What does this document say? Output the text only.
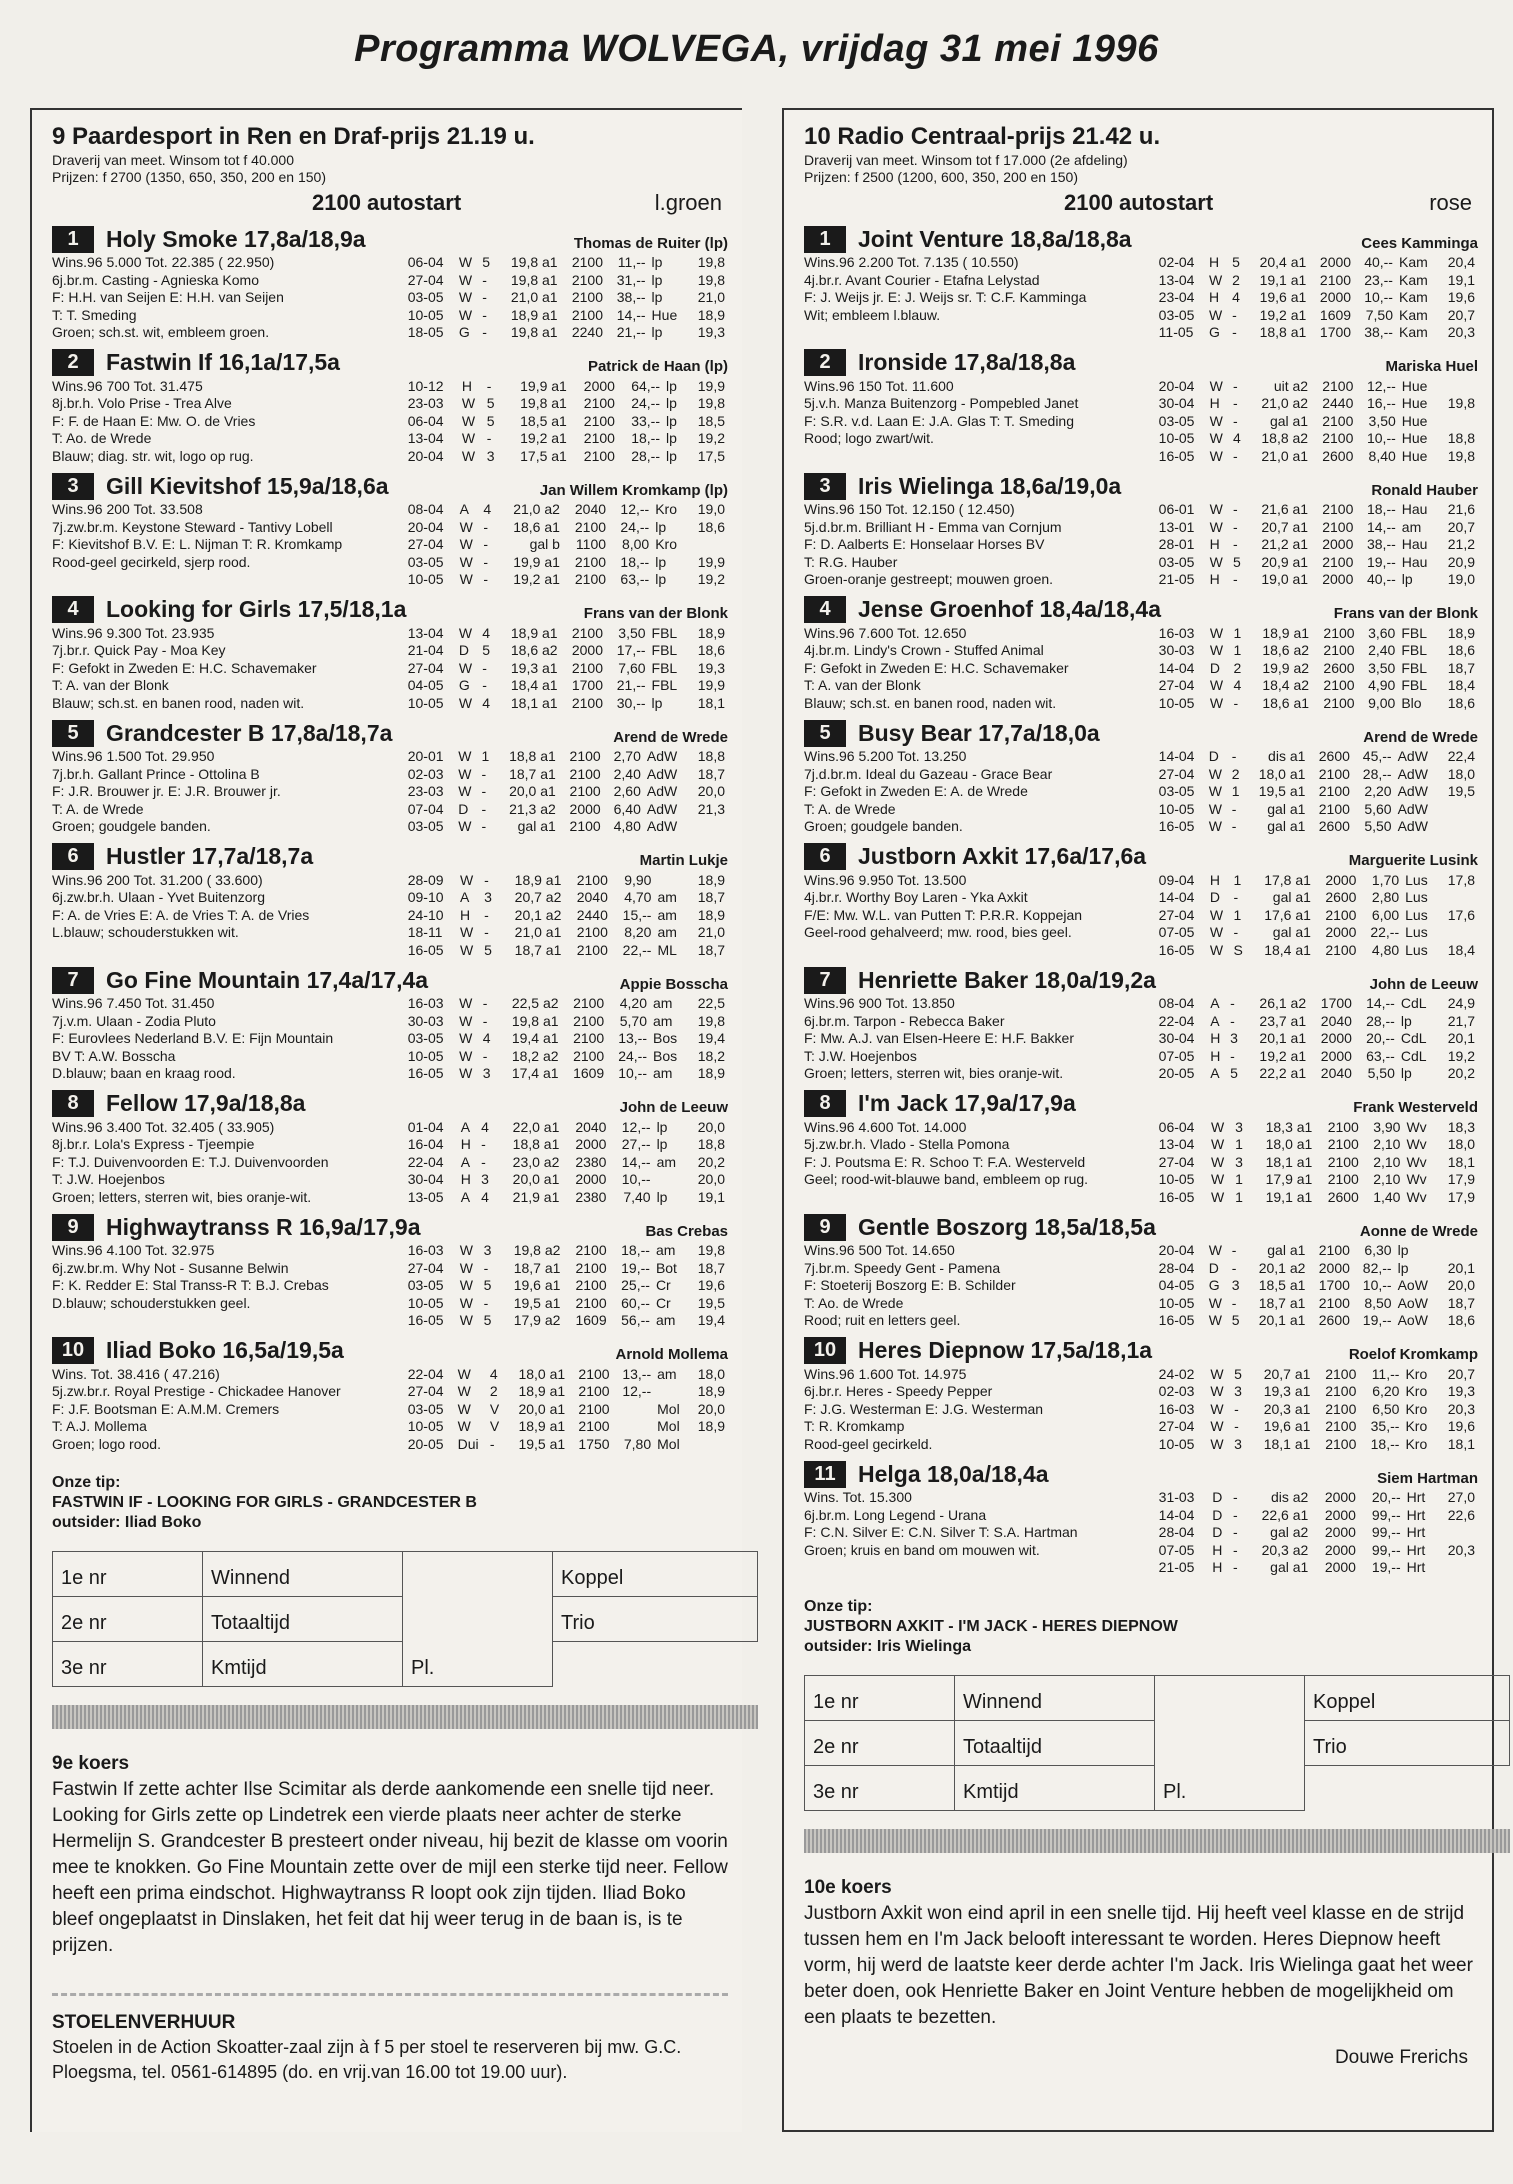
Programma WOLVEGA, vrijdag 31 mei 1996
9 Paardesport in Ren en Draf-prijs 21.19 u.
Draverij van meet. Winsom tot f 40.000
Prijzen: f 2700 (1350, 650, 350, 200 en 150)
2100 autostart	l.groen
1	Holy Smoke 17,8a/18,9a	Thomas de Ruiter (lp)
Wins.96 5.000 Tot. 22.385 ( 22.950)
6j.br.m. Casting - Agnieska Komo
F: H.H. van Seijen E: H.H. van Seijen
T: T. Smeding
Groen; sch.st. wit, embleem groen.
06-04	W	5	19,8 a1	2100	11,--	lp	19,8
27-04	W	-	19,8 a1	2100	31,--	lp	19,8
03-05	W	-	21,0 a1	2100	38,--	lp	21,0
10-05	W	-	18,9 a1	2100	14,--	Hue	18,9
18-05	G	-	19,8 a1	2240	21,--	lp	19,3
2	Fastwin If 16,1a/17,5a	Patrick de Haan (lp)
Wins.96 700 Tot. 31.475
8j.br.h. Volo Prise - Trea Alve
F: F. de Haan E: Mw. O. de Vries
T: Ao. de Wrede
Blauw; diag. str. wit, logo op rug.
10-12	H	-	19,9 a1	2000	64,--	lp	19,9
23-03	W	5	19,8 a1	2100	24,--	lp	19,8
06-04	W	5	18,5 a1	2100	33,--	lp	18,5
13-04	W	-	19,2 a1	2100	18,--	lp	19,2
20-04	W	3	17,5 a1	2100	28,--	lp	17,5
3	Gill Kievitshof 15,9a/18,6a	Jan Willem Kromkamp (lp)
Wins.96 200 Tot. 33.508
7j.zw.br.m. Keystone Steward - Tantivy Lobell
F: Kievitshof B.V. E: L. Nijman T: R. Kromkamp
Rood-geel gecirkeld, sjerp rood.
08-04	A	4	21,0 a2	2040	12,--	Kro	19,0
20-04	W	-	18,6 a1	2100	24,--	lp	18,6
27-04	W	-	gal b	1100	8,00	Kro	
03-05	W	-	19,9 a1	2100	18,--	lp	19,9
10-05	W	-	19,2 a1	2100	63,--	lp	19,2
4	Looking for Girls 17,5/18,1a	Frans van der Blonk
Wins.96 9.300 Tot. 23.935
7j.br.r. Quick Pay - Moa Key
F: Gefokt in Zweden E: H.C. Schavemaker
T: A. van der Blonk
Blauw; sch.st. en banen rood, naden wit.
13-04	W	4	18,9 a1	2100	3,50	FBL	18,9
21-04	D	5	18,6 a2	2000	17,--	FBL	18,6
27-04	W	-	19,3 a1	2100	7,60	FBL	19,3
04-05	G	-	18,4 a1	1700	21,--	FBL	19,9
10-05	W	4	18,1 a1	2100	30,--	lp	18,1
5	Grandcester B 17,8a/18,7a	Arend de Wrede
Wins.96 1.500 Tot. 29.950
7j.br.h. Gallant Prince - Ottolina B
F: J.R. Brouwer jr. E: J.R. Brouwer jr.
T: A. de Wrede
Groen; goudgele banden.
20-01	W	1	18,8 a1	2100	2,70	AdW	18,8
02-03	W	-	18,7 a1	2100	2,40	AdW	18,7
23-03	W	-	20,0 a1	2100	2,60	AdW	20,0
07-04	D	-	21,3 a2	2000	6,40	AdW	21,3
03-05	W	-	gal a1	2100	4,80	AdW	
6	Hustler 17,7a/18,7a	Martin Lukje
Wins.96 200 Tot. 31.200 ( 33.600)
6j.zw.br.h. Ulaan - Yvet Buitenzorg
F: A. de Vries E: A. de Vries T: A. de Vries
L.blauw; schouderstukken wit.
28-09	W	-	18,9 a1	2100	9,90		18,9
09-10	A	3	20,7 a2	2040	4,70	am	18,7
24-10	H	-	20,1 a2	2440	15,--	am	18,9
18-11	W	-	21,0 a1	2100	8,20	am	21,0
16-05	W	5	18,7 a1	2100	22,--	ML	18,7
7	Go Fine Mountain 17,4a/17,4a	Appie Bosscha
Wins.96 7.450 Tot. 31.450
7j.v.m. Ulaan - Zodia Pluto
F: Eurovlees Nederland B.V. E: Fijn Mountain
BV T: A.W. Bosscha
D.blauw; baan en kraag rood.
16-03	W	-	22,5 a2	2100	4,20	am	22,5
30-03	W	-	19,8 a1	2100	5,70	am	19,8
03-05	W	4	19,4 a1	2100	13,--	Bos	19,4
10-05	W	-	18,2 a2	2100	24,--	Bos	18,2
16-05	W	3	17,4 a1	1609	10,--	am	18,9
8	Fellow 17,9a/18,8a	John de Leeuw
Wins.96 3.400 Tot. 32.405 ( 33.905)
8j.br.r. Lola's Express - Tjeempie
F: T.J. Duivenvoorden E: T.J. Duivenvoorden
T: J.W. Hoejenbos
Groen; letters, sterren wit, bies oranje-wit.
01-04	A	4	22,0 a1	2040	12,--	lp	20,0
16-04	H	-	18,8 a1	2000	27,--	lp	18,8
22-04	A	-	23,0 a2	2380	14,--	am	20,2
30-04	H	3	20,0 a1	2000	10,--		20,0
13-05	A	4	21,9 a1	2380	7,40	lp	19,1
9	Highwaytranss R 16,9a/17,9a	Bas Crebas
Wins.96 4.100 Tot. 32.975
6j.zw.br.m. Why Not - Susanne Belwin
F: K. Redder E: Stal Transs-R T: B.J. Crebas
D.blauw; schouderstukken geel.
16-03	W	3	19,8 a2	2100	18,--	am	19,8
27-04	W	-	18,7 a1	2100	19,--	Bot	18,7
03-05	W	5	19,6 a1	2100	25,--	Cr	19,6
10-05	W	-	19,5 a1	2100	60,--	Cr	19,5
16-05	W	5	17,9 a2	1609	56,--	am	19,4
10 Iliad Boko 16,5a/19,5a	Arnold Mollema
Wins. Tot. 38.416 ( 47.216)
5j.zw.br.r. Royal Prestige - Chickadee Hanover
F: J.F. Bootsman E: A.M.M. Cremers
T: A.J. Mollema
Groen; logo rood.
22-04	W	4	18,0 a1	2100	13,--	am	18,0
27-04	W	2	18,9 a1	2100	12,--		18,9
03-05	W	V	20,0 a1	2100		Mol	20,0
10-05	W	V	18,9 a1	2100		Mol	18,9
20-05	Dui	-	19,5 a1	1750	7,80	Mol	
Onze tip:
FASTWIN IF - LOOKING FOR GIRLS - GRANDCESTER B
outsider: Iliad Boko
1e nr	Winnend	Pl.	Koppel
2e nr	Totaaltijd		Trio
3e nr	Kmtijd		
9e koers

Fastwin If zette achter Ilse Scimitar als derde aankomende een snelle tijd neer. Looking for Girls zette op Lindetrek een vierde plaats neer achter de sterke Hermelijn S. Grandcester B presteert onder niveau, hij bezit de klasse om voorin mee te knokken. Go Fine Mountain zette over de mijl een sterke tijd neer. Fellow heeft een prima eindschot. Highwaytranss R loopt ook zijn tijden. Iliad Boko bleef ongeplaatst in Dinslaken, het feit dat hij weer terug in de baan is, is te prijzen.

STOELENVERHUUR

Stoelen in de Action Skoatter-zaal zijn à f 5 per stoel te reserveren bij mw. G.C. Ploegsma, tel. 0561-614895 (do. en vrij.van 16.00 tot 19.00 uur).

10 Radio Centraal-prijs 21.42 u.
Draverij van meet. Winsom tot f 17.000 (2e afdeling)
Prijzen: f 2500 (1200, 600, 350, 200 en 150)
2100 autostart	rose
1	Joint Venture 18,8a/18,8a	Cees Kamminga
Wins.96 2.200 Tot. 7.135 ( 10.550)
4j.br.r. Avant Courier - Etafna Lelystad
F: J. Weijs jr. E: J. Weijs sr. T: C.F. Kamminga
Wit; embleem l.blauw.
02-04	H	5	20,4 a1	2000	40,--	Kam	20,4
13-04	W	2	19,1 a1	2100	23,--	Kam	19,1
23-04	H	4	19,6 a1	2000	10,--	Kam	19,6
03-05	W	-	19,2 a1	1609	7,50	Kam	20,7
11-05	G	-	18,8 a1	1700	38,--	Kam	20,3
2	Ironside 17,8a/18,8a	Mariska Huel
Wins.96 150 Tot. 11.600
5j.v.h. Manza Buitenzorg - Pompebled Janet
F: S.R. v.d. Laan E: J.A. Glas T: T. Smeding
Rood; logo zwart/wit.
20-04	W	-	uit a2	2100	12,--	Hue	
30-04	H	-	21,0 a2	2440	16,--	Hue	19,8
03-05	W	-	gal a1	2100	3,50	Hue	
10-05	W	4	18,8 a2	2100	10,--	Hue	18,8
16-05	W	-	21,0 a1	2600	8,40	Hue	19,8
3	Iris Wielinga 18,6a/19,0a	Ronald Hauber
Wins.96 150 Tot. 12.150 ( 12.450)
5j.d.br.m. Brilliant H - Emma van Cornjum
F: D. Aalberts E: Honselaar Horses BV
T: R.G. Hauber
Groen-oranje gestreept; mouwen groen.
06-01	W	-	21,6 a1	2100	18,--	Hau	21,6
13-01	W	-	20,7 a1	2100	14,--	am	20,7
28-01	H	-	21,2 a1	2000	38,--	Hau	21,2
03-05	W	5	20,9 a1	2100	19,--	Hau	20,9
21-05	H	-	19,0 a1	2000	40,--	lp	19,0
4	Jense Groenhof 18,4a/18,4a	Frans van der Blonk
Wins.96 7.600 Tot. 12.650
4j.br.m. Lindy's Crown - Stuffed Animal
F: Gefokt in Zweden E: H.C. Schavemaker
T: A. van der Blonk
Blauw; sch.st. en banen rood, naden wit.
16-03	W	1	18,9 a1	2100	3,60	FBL	18,9
30-03	W	1	18,6 a2	2100	2,40	FBL	18,6
14-04	D	2	19,9 a2	2600	3,50	FBL	18,7
27-04	W	4	18,4 a2	2100	4,90	FBL	18,4
10-05	W	-	18,6 a1	2100	9,00	Blo	18,6
5	Busy Bear 17,7a/18,0a	Arend de Wrede
Wins.96 5.200 Tot. 13.250
7j.d.br.m. Ideal du Gazeau - Grace Bear
F: Gefokt in Zweden E: A. de Wrede
T: A. de Wrede
Groen; goudgele banden.
14-04	D	-	dis a1	2600	45,--	AdW	22,4
27-04	W	2	18,0 a1	2100	28,--	AdW	18,0
03-05	W	1	19,5 a1	2100	2,20	AdW	19,5
10-05	W	-	gal a1	2100	5,60	AdW	
16-05	W	-	gal a1	2600	5,50	AdW	
6	Justborn Axkit 17,6a/17,6a	Marguerite Lusink
Wins.96 9.950 Tot. 13.500
4j.br.r. Worthy Boy Laren - Yka Axkit
F/E: Mw. W.L. van Putten T: P.R.R. Koppejan
Geel-rood gehalveerd; mw. rood, bies geel.
09-04	H	1	17,8 a1	2000	1,70	Lus	17,8
14-04	D	-	gal a1	2600	2,80	Lus	
27-04	W	1	17,6 a1	2100	6,00	Lus	17,6
07-05	W	-	gal a1	2000	22,--	Lus	
16-05	W	S	18,4 a1	2100	4,80	Lus	18,4
7	Henriette Baker 18,0a/19,2a	John de Leeuw
Wins.96 900 Tot. 13.850
6j.br.m. Tarpon - Rebecca Baker
F: Mw. A.J. van Elsen-Heere E: H.F. Bakker
T: J.W. Hoejenbos
Groen; letters, sterren wit, bies oranje-wit.
08-04	A	-	26,1 a2	1700	14,--	CdL	24,9
22-04	A	-	23,7 a1	2040	28,--	lp	21,7
30-04	H	3	20,1 a1	2000	20,--	CdL	20,1
07-05	H	-	19,2 a1	2000	63,--	CdL	19,2
20-05	A	5	22,2 a1	2040	5,50	lp	20,2
8	I'm Jack 17,9a/17,9a	Frank Westerveld
Wins.96 4.600 Tot. 14.000
5j.zw.br.h. Vlado - Stella Pomona
F: J. Poutsma E: R. Schoo T: F.A. Westerveld
Geel; rood-wit-blauwe band, embleem op rug.
06-04	W	3	18,3 a1	2100	3,90	Wv	18,3
13-04	W	1	18,0 a1	2100	2,10	Wv	18,0
27-04	W	3	18,1 a1	2100	2,10	Wv	18,1
10-05	W	1	17,9 a1	2100	2,10	Wv	17,9
16-05	W	1	19,1 a1	2600	1,40	Wv	17,9
9	Gentle Boszorg 18,5a/18,5a	Aonne de Wrede
Wins.96 500 Tot. 14.650
7j.br.m. Speedy Gent - Pamena
F: Stoeterij Boszorg E: B. Schilder
T: Ao. de Wrede
Rood; ruit en letters geel.
20-04	W	-	gal a1	2100	6,30	lp	
28-04	D	-	20,1 a2	2000	82,--	lp	20,1
04-05	G	3	18,5 a1	1700	10,--	AoW	20,0
10-05	W	-	18,7 a1	2100	8,50	AoW	18,7
16-05	W	5	20,1 a1	2600	19,--	AoW	18,6
10 Heres Diepnow 17,5a/18,1a	Roelof Kromkamp
Wins.96 1.600 Tot. 14.975
6j.br.r. Heres - Speedy Pepper
F: J.G. Westerman E: J.G. Westerman
T: R. Kromkamp
Rood-geel gecirkeld.
24-02	W	5	20,7 a1	2100	11,--	Kro	20,7
02-03	W	3	19,3 a1	2100	6,20	Kro	19,3
16-03	W	-	20,3 a1	2100	6,50	Kro	20,3
27-04	W	-	19,6 a1	2100	35,--	Kro	19,6
10-05	W	3	18,1 a1	2100	18,--	Kro	18,1
11 Helga 18,0a/18,4a	Siem Hartman
Wins. Tot. 15.300
6j.br.m. Long Legend - Urana
F: C.N. Silver E: C.N. Silver T: S.A. Hartman
Groen; kruis en band om mouwen wit.
31-03	D	-	dis a2	2000	20,--	Hrt	27,0
14-04	D	-	22,6 a1	2000	99,--	Hrt	22,6
28-04	D	-	gal a2	2000	99,--	Hrt	
07-05	H	-	20,3 a2	2000	99,--	Hrt	20,3
21-05	H	-	gal a1	2000	19,--	Hrt	
Onze tip:
JUSTBORN AXKIT - I'M JACK - HERES DIEPNOW
outsider: Iris Wielinga
1e nr	Winnend	Pl.	Koppel
2e nr	Totaaltijd		Trio
3e nr	Kmtijd		
10e koers

Justborn Axkit won eind april in een snelle tijd. Hij heeft veel klasse en de strijd tussen hem en I'm Jack belooft interessant te worden. Heres Diepnow heeft vorm, hij werd de laatste keer derde achter I'm Jack. Iris Wielinga gaat het weer beter doen, ook Henriette Baker en Joint Venture hebben de mogelijkheid om een plaats te bezetten.

Douwe Frerichs
